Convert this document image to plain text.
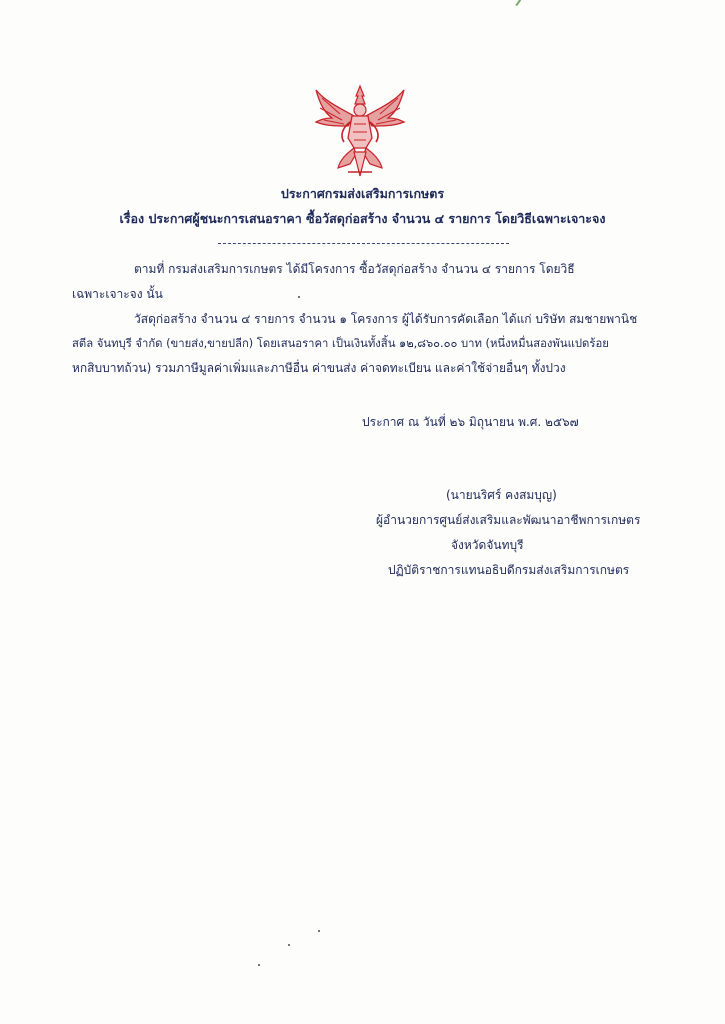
ประกาศกรมส่งเสริมการเกษตร
เรื่อง ประกาศผู้ชนะการเสนอราคา ซื้อวัสดุก่อสร้าง จำนวน ๔ รายการ โดยวิธีเฉพาะเจาะจง
ตามที่ กรมส่งเสริมการเกษตร ได้มีโครงการ ซื้อวัสดุก่อสร้าง จำนวน ๔ รายการ โดยวิธี
เฉพาะเจาะจง นั้น
วัสดุก่อสร้าง จำนวน ๔ รายการ จำนวน ๑ โครงการ ผู้ได้รับการคัดเลือก ได้แก่ บริษัท สมชายพานิช
สตีล จันทบุรี จำกัด (ขายส่ง,ขายปลีก) โดยเสนอราคา เป็นเงินทั้งสิ้น ๑๒,๘๖๐.๐๐ บาท (หนึ่งหมื่นสองพันแปดร้อย
หกสิบบาทถ้วน) รวมภาษีมูลค่าเพิ่มและภาษีอื่น ค่าขนส่ง ค่าจดทะเบียน และค่าใช้จ่ายอื่นๆ ทั้งปวง
ประกาศ ณ วันที่ ๒๖ มิถุนายน พ.ศ. ๒๕๖๗
(นายนริศร์ คงสมบุญ)
ผู้อำนวยการศูนย์ส่งเสริมและพัฒนาอาชีพการเกษตร
จังหวัดจันทบุรี
ปฏิบัติราชการแทนอธิบดีกรมส่งเสริมการเกษตร
